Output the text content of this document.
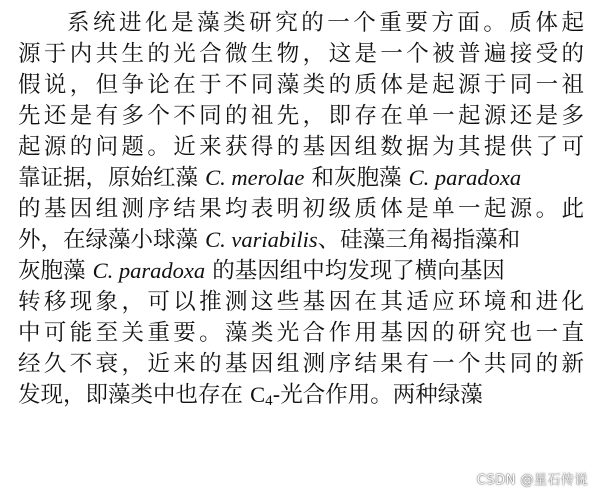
系统进化是藻类研究的一个重要方面。质体起
源于内共生的光合微生物，这是一个被普遍接受的
假说，但争论在于不同藻类的质体是起源于同一祖
先还是有多个不同的祖先，即存在单一起源还是多
起源的问题。近来获得的基因组数据为其提供了可
靠证据，原始红藻 C. merolae 和灰胞藻 C. paradoxa
的基因组测序结果均表明初级质体是单一起源。此
外，在绿藻小球藻 C. variabilis、硅藻三角褐指藻和
灰胞藻 C. paradoxa 的基因组中均发现了横向基因
转移现象，可以推测这些基因在其适应环境和进化
中可能至关重要。藻类光合作用基因的研究也一直
经久不衰，近来的基因组测序结果有一个共同的新
发现，即藻类中也存在 $C_4-$光合作用。两种绿藻
CSDN @星石传说
